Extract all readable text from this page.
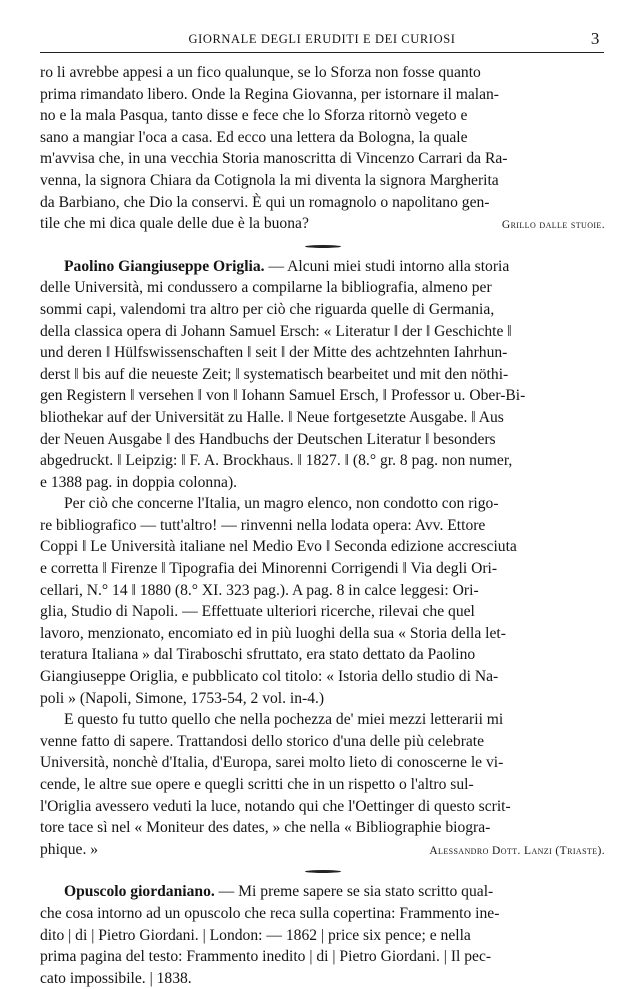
GIORNALE DEGLI ERUDITI E DEI CURIOSI	3

ro li avrebbe appesi a un fico qualunque, se lo Sforza non fosse quanto

prima rimandato libero. Onde la Regina Giovanna, per istornare il malan-

no e la mala Pasqua, tanto disse e fece che lo Sforza ritornò vegeto e

sano a mangiar l'oca a casa. Ed ecco una lettera da Bologna, la quale

m'avvisa che, in una vecchia Storia manoscritta di Vincenzo Carrari da Ra-

venna, la signora Chiara da Cotignola la mi diventa la signora Margherita

da Barbiano, che Dio la conservi. È qui un romagnolo o napolitano gen-

tile che mi dica quale delle due è la buona?	Grillo dalle stuoie.

Paolino Giangiuseppe Origlia. — Alcuni miei studi intorno alla storia

delle Università, mi condussero a compilarne la bibliografia, almeno per

sommi capi, valendomi tra altro per ciò che riguarda quelle di Germania,

della classica opera di Johann Samuel Ersch: « Literatur ‖ der ‖ Geschichte ‖

und deren ‖ Hülfswissenschaften ‖ seit ‖ der Mitte des achtzehnten Iahrhun-

derst ‖ bis auf die neueste Zeit; ‖ systematisch bearbeitet und mit den nöthi-

gen Registern ‖ versehen ‖ von ‖ Iohann Samuel Ersch, ‖ Professor u. Ober-Bi-

bliothekar auf der Universität zu Halle. ‖ Neue fortgesetzte Ausgabe. ‖ Aus

der Neuen Ausgabe ‖ des Handbuchs der Deutschen Literatur ‖ besonders

abgedruckt. ‖ Leipzig: ‖ F. A. Brockhaus. ‖ 1827. ‖ (8.° gr. 8 pag. non numer,

e 1388 pag. in doppia colonna).

Per ciò che concerne l'Italia, un magro elenco, non condotto con rigo-

re bibliografico — tutt'altro! — rinvenni nella lodata opera: Avv. Ettore

Coppi ‖ Le Università italiane nel Medio Evo ‖ Seconda edizione accresciuta

e corretta ‖ Firenze ‖ Tipografia dei Minorenni Corrigendi ‖ Via degli Ori-

cellari, N.° 14 ‖ 1880 (8.° XI. 323 pag.). A pag. 8 in calce leggesi: Ori-

glia, Studio di Napoli. — Effettuate ulteriori ricerche, rilevai che quel

lavoro, menzionato, encomiato ed in più luoghi della sua « Storia della let-

teratura Italiana » dal Tiraboschi sfruttato, era stato dettato da Paolino

Giangiuseppe Origlia, e pubblicato col titolo: « Istoria dello studio di Na-

poli » (Napoli, Simone, 1753-54, 2 vol. in-4.)

E questo fu tutto quello che nella pochezza de' miei mezzi letterarii mi

venne fatto di sapere. Trattandosi dello storico d'una delle più celebrate

Università, nonchè d'Italia, d'Europa, sarei molto lieto di conoscerne le vi-

cende, le altre sue opere e quegli scritti che in un rispetto o l'altro sul-

l'Origlia avessero veduti la luce, notando qui che l'Oettinger di questo scrit-

tore tace sì nel « Moniteur des dates, » che nella « Bibliographie biogra-

phique. »	Alessandro Dott. Lanzi (Triaste).

Opuscolo giordaniano. — Mi preme sapere se sia stato scritto qual-

che cosa intorno ad un opuscolo che reca sulla copertina: Frammento ine-

dito | di | Pietro Giordani. | London: — 1862 | price six pence; e nella

prima pagina del testo: Frammento inedito | di | Pietro Giordani. | Il pec-

cato impossibile. | 1838.
